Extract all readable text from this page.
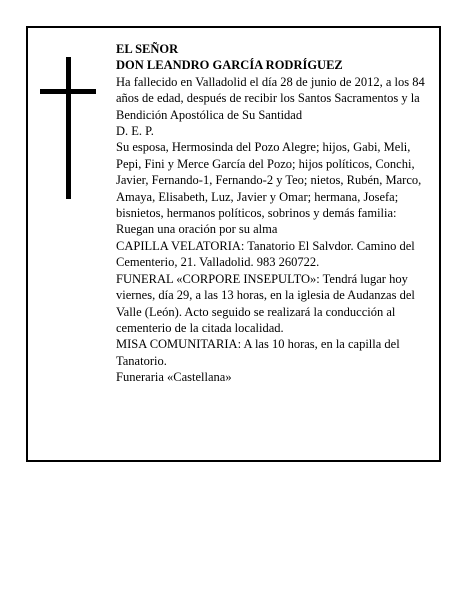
EL SEÑOR

DON LEANDRO GARCÍA RODRÍGUEZ

Ha fallecido en Valladolid el día 28 de junio de 2012, a los 84 años de edad, después de recibir los Santos Sacramentos y la Bendición Apostólica de Su Santidad

D. E. P.

Su esposa, Hermosinda del Pozo Alegre; hijos, Gabi, Meli, Pepi, Fini y Merce García del Pozo; hijos políticos, Conchi, Javier, Fernando-1, Fernando-2 y Teo; nietos, Rubén, Marco, Amaya, Elisabeth, Luz, Javier y Omar; hermana, Josefa; bisnietos, hermanos políticos, sobrinos y demás familia:

Ruegan una oración por su alma

CAPILLA VELATORIA: Tanatorio El Salvdor. Camino del Cementerio, 21. Valladolid. 983 260722.

FUNERAL «CORPORE INSEPULTO»: Tendrá lugar hoy viernes, día 29, a las 13 horas, en la iglesia de Audanzas del Valle (León). Acto seguido se realizará la conducción al cementerio de la citada localidad.

MISA COMUNITARIA: A las 10 horas, en la capilla del Tanatorio.

Funeraria «Castellana»
